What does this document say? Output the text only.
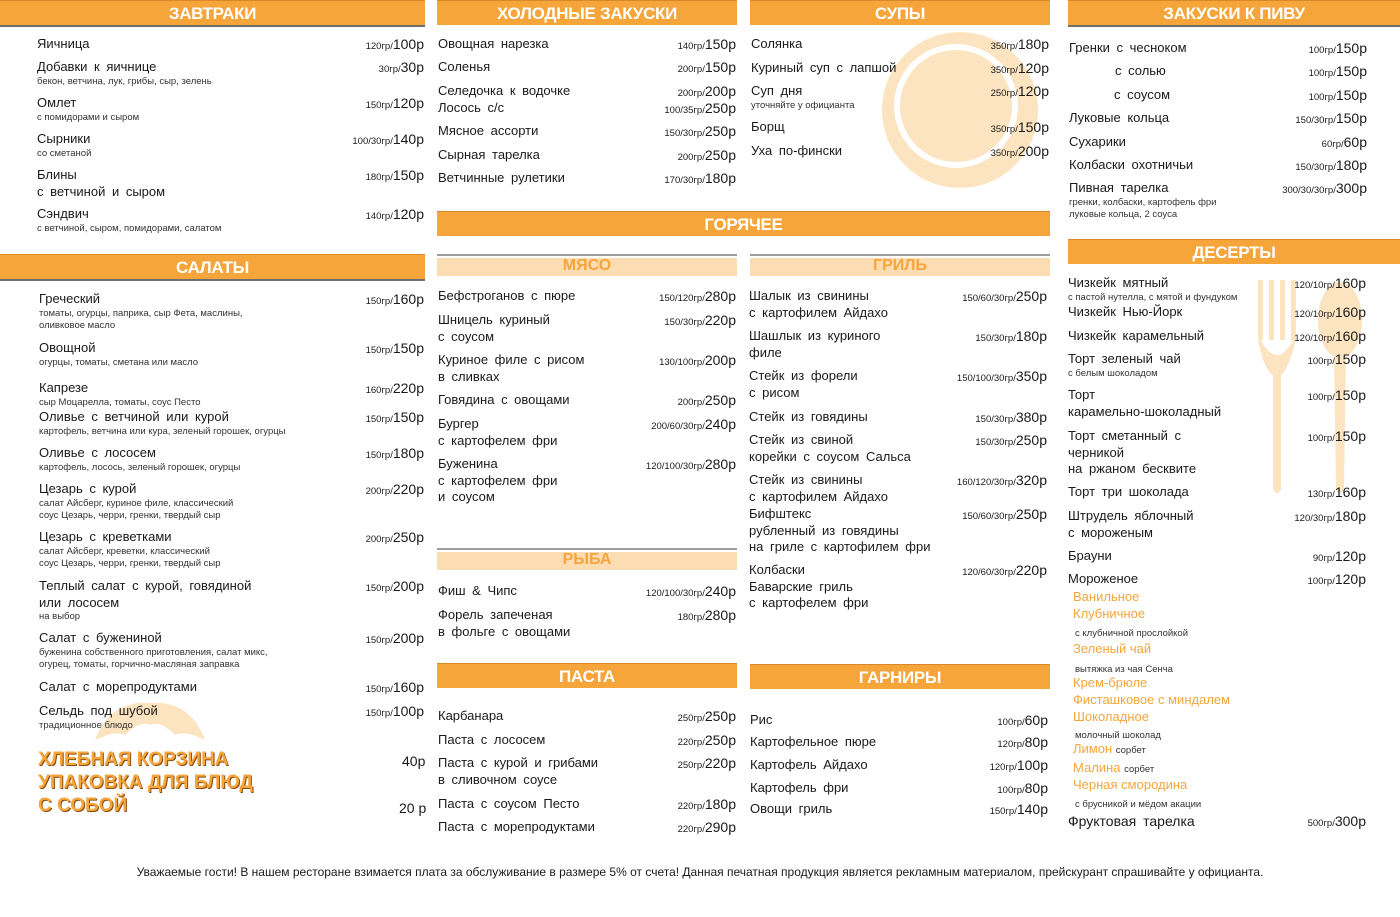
ЗАВТРАКИ	ХОЛОДНЫЕ ЗАКУСКИ	СУПЫ	ЗАКУСКИ К ПИВУ
САЛАТЫ
ГОРЯЧЕЕ
МЯСО	ГРИЛЬ
РЫБА
ПАСТА	ГАРНИРЫ
ДЕСЕРТЫ
Яичница	120гр/100р
Добавки к яичнице
бекон, ветчина, лук, грибы, сыр, зелень
30гр/30р
Омлет
с помидорами и сыром
150гр/120р
Сырники
со сметаной
100/30гр/140р
Блины
с ветчиной и сыром
180гр/150р
Сэндвич
с ветчиной, сыром, помидорами, салатом
140гр/120р
Греческий
томаты, огурцы, паприка, сыр Фета, маслины,
оливковое масло
150гр/160р
Овощной
огурцы, томаты, сметана или масло
150гр/150р
Капрезе
сыр Моцарелла, томаты, соус Песто
160гр/220р
Оливье с ветчиной или курой
картофель, ветчина или кура, зеленый горошек, огурцы
150гр/150р
Оливье с лососем
картофель, лосось, зеленый горошек, огурцы
150гр/180р
Цезарь с курой
салат Айсберг, куриное филе, классический
соус Цезарь, черри, гренки, твердый сыр
200гр/220р
Цезарь с креветками
салат Айсберг, креветки, классический
соус Цезарь, черри, гренки, твердый сыр
200гр/250р
Теплый салат с курой, говядиной
или лососем
на выбор
150гр/200р
Салат с бужениной
буженина собственного приготовления, салат микс,
огурец, томаты, горчично-масляная заправка
150гр/200р
Салат с морепродуктами	150гр/160р
Сельдь под шубой
традиционное блюдо
150гр/100р
Овощная нарезка	140гр/150р
Соленья	200гр/150р
Селедочка к водочке	200гр/200р
Лосось с/с	100/35гр/250р
Мясное ассорти	150/30гр/250р
Сырная тарелка	200гр/250р
Ветчинные рулетики	170/30гр/180р
Солянка	350гр/180р
Куриный суп с лапшой	350гр/120р
Суп дня
уточняйте у официанта
250гр/120р
Борщ	350гр/150р
Уха по-фински	350гр/200р
Бефстроганов с пюре	150/120гр/280р
Шницель куриный
с соусом
150/30гр/220р
Куриное филе с рисом
в сливках
130/100гр/200р
Говядина с овощами	200гр/250р
Бургер
с картофелем фри
200/60/30гр/240р
Буженина
с картофелем фри
и соусом
120/100/30гр/280р
Фиш & Чипс	120/100/30гр/240р
Форель запеченая
в фольге с овощами
180гр/280р
Карбанара	250гр/250р
Паста с лососем	220гр/250р
Паста с курой и грибами
в сливочном соусе
250гр/220р
Паста с соусом Песто	220гр/180р
Паста с морепродуктами	220гр/290р
Шалык из свинины
с картофилем Айдахо
150/60/30гр/250р
Шашлык из куриного
филе
150/30гр/180р
Стейк из форели
с рисом
150/100/30гр/350р
Стейк из говядины	150/30гр/380р
Стейк из свиной
корейки с соусом Сальса
150/30гр/250р
Стейк из свинины
с картофилем Айдахо
160/120/30гр/320р
Бифштекс
рубленный из говядины
на гриле с картофилем фри
150/60/30гр/250р
Колбаски
Баварские гриль
с картофелем фри
120/60/30гр/220р
Рис	100гр/60р
Картофельное пюре	120гр/80р
Картофель Айдахо	120гр/100р
Картофель фри	100гр/80р
Овощи гриль	150гр/140р
Гренки с чесноком	100гр/150р
с солью	100гр/150р
с соусом	100гр/150р
Луковые кольца	150/30гр/150р
Сухарики	60гр/60р
Колбаски охотничьи	150/30гр/180р
Пивная тарелка
гренки, колбаски, картофель фри
луковые кольца, 2 соуса
300/30/30гр/300р
Чизкейк мятный
с пастой нутелла, с мятой и фундуком
120/10гр/160р
Чизкейк Нью-Йорк	120/10гр/160р
Чизкейк карамельный	120/10гр/160р
Торт зеленый чай
с белым шоколадом
100гр/150р
Торт
карамельно-шоколадный
100гр/150р
Торт сметанный с
черникой
на ржаном бесквите
100гр/150р
Торт три шоколада	130гр/160р
Штрудель яблочный
с мороженым
120/30гр/180р
Брауни	90гр/120р
Мороженое	100гр/120р
Ванильное
Клубничное
с клубничной прослойкой
Зеленый чай
вытяжка из чая Сенча
Крем-брюле
Фисташковое с миндалем
Шоколадное
молочный шоколад
Лимон сорбет
Малина сорбет
Черная смородина
с брусникой и мёдом акации
ХЛЕБНАЯ КОРЗИНА	40р
УПАКОВКА ДЛЯ БЛЮД
С СОБОЙ	20 р
Фруктовая тарелка	500гр/300р
Уважаемые гости! В нашем ресторане взимается плата за обслуживание в размере 5% от счета! Данная печатная продукция является рекламным материалом, прейскурант спрашивайте у официанта.
